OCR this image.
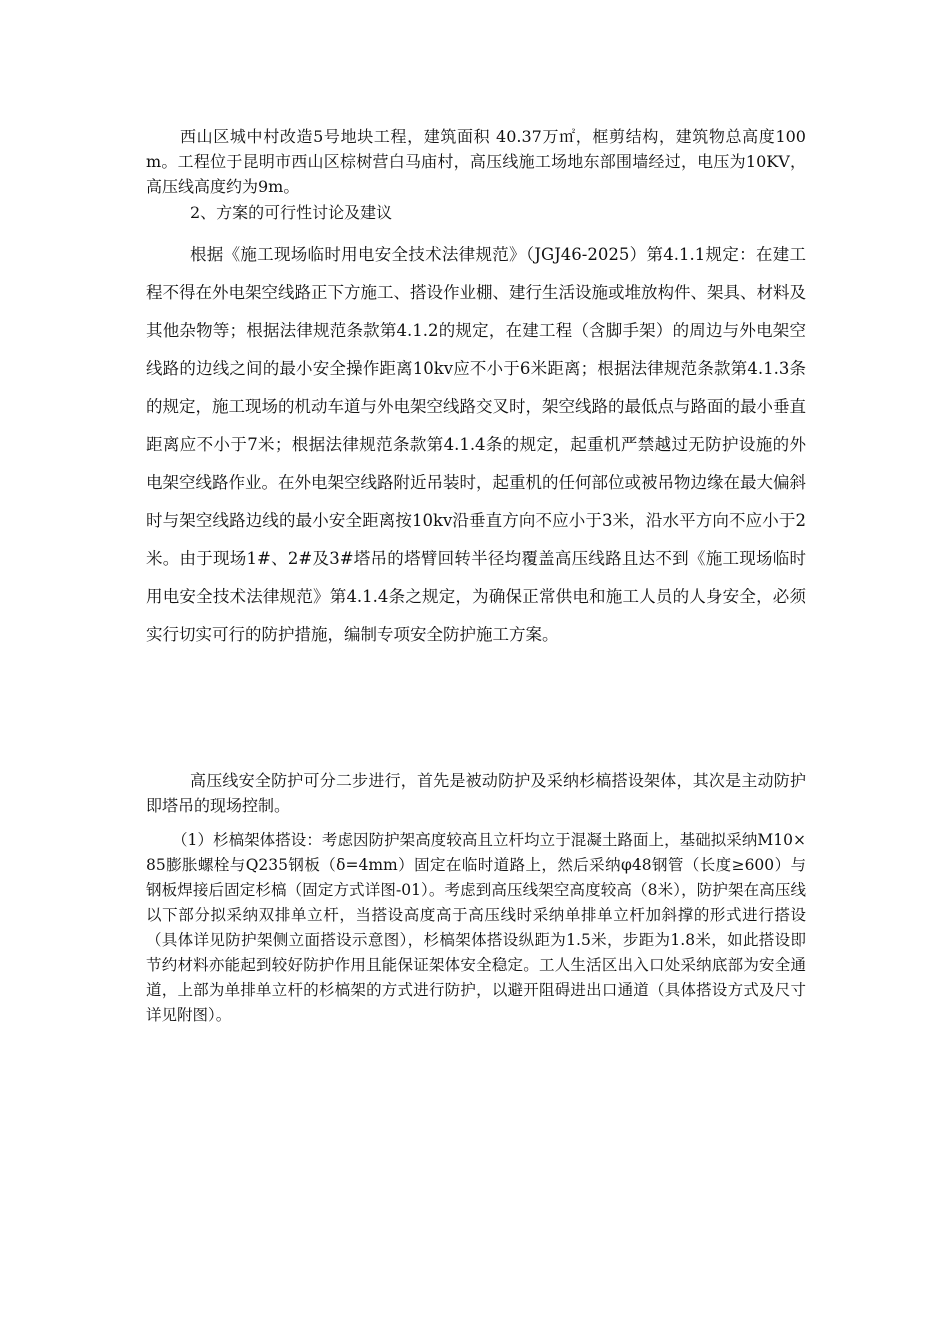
西山区城中村改造5号地块工程，建筑面积 40.37万㎡，框剪结构，建筑物总高度100m。工程位于昆明市西山区棕树营白马庙村，高压线施工场地东部围墙经过，电压为10KV，高压线高度约为9m。

2、方案的可行性讨论及建议

根据《施工现场临时用电安全技术法律规范》（JGJ46-2025）第4.1.1规定：在建工程不得在外电架空线路正下方施工、搭设作业棚、建行生活设施或堆放构件、架具、材料及其他杂物等；根据法律规范条款第4.1.2的规定，在建工程（含脚手架）的周边与外电架空线路的边线之间的最小安全操作距离10kv应不小于6米距离；根据法律规范条款第4.1.3条的规定，施工现场的机动车道与外电架空线路交叉时，架空线路的最低点与路面的最小垂直距离应不小于7米；根据法律规范条款第4.1.4条的规定，起重机严禁越过无防护设施的外电架空线路作业。在外电架空线路附近吊装时，起重机的任何部位或被吊物边缘在最大偏斜时与架空线路边线的最小安全距离按10kv沿垂直方向不应小于3米，沿水平方向不应小于2米。由于现场1#、2#及3#塔吊的塔臂回转半径均覆盖高压线路且达不到《施工现场临时用电安全技术法律规范》第4.1.4条之规定，为确保正常供电和施工人员的人身安全，必须实行切实可行的防护措施，编制专项安全防护施工方案。

高压线安全防护可分二步进行，首先是被动防护及采纳杉槁搭设架体，其次是主动防护即塔吊的现场控制。

（1）杉槁架体搭设：考虑因防护架高度较高且立杆均立于混凝土路面上，基础拟采纳M10×85膨胀螺栓与Q235钢板（δ=4mm）固定在临时道路上，然后采纳φ48钢管（长度≥600）与钢板焊接后固定杉槁（固定方式详图-01）。考虑到高压线架空高度较高（8米），防护架在高压线以下部分拟采纳双排单立杆，当搭设高度高于高压线时采纳单排单立杆加斜撑的形式进行搭设（具体详见防护架侧立面搭设示意图），杉槁架体搭设纵距为1.5米，步距为1.8米，如此搭设即节约材料亦能起到较好防护作用且能保证架体安全稳定。工人生活区出入口处采纳底部为安全通道，上部为单排单立杆的杉槁架的方式进行防护，以避开阻碍进出口通道（具体搭设方式及尺寸详见附图）。
